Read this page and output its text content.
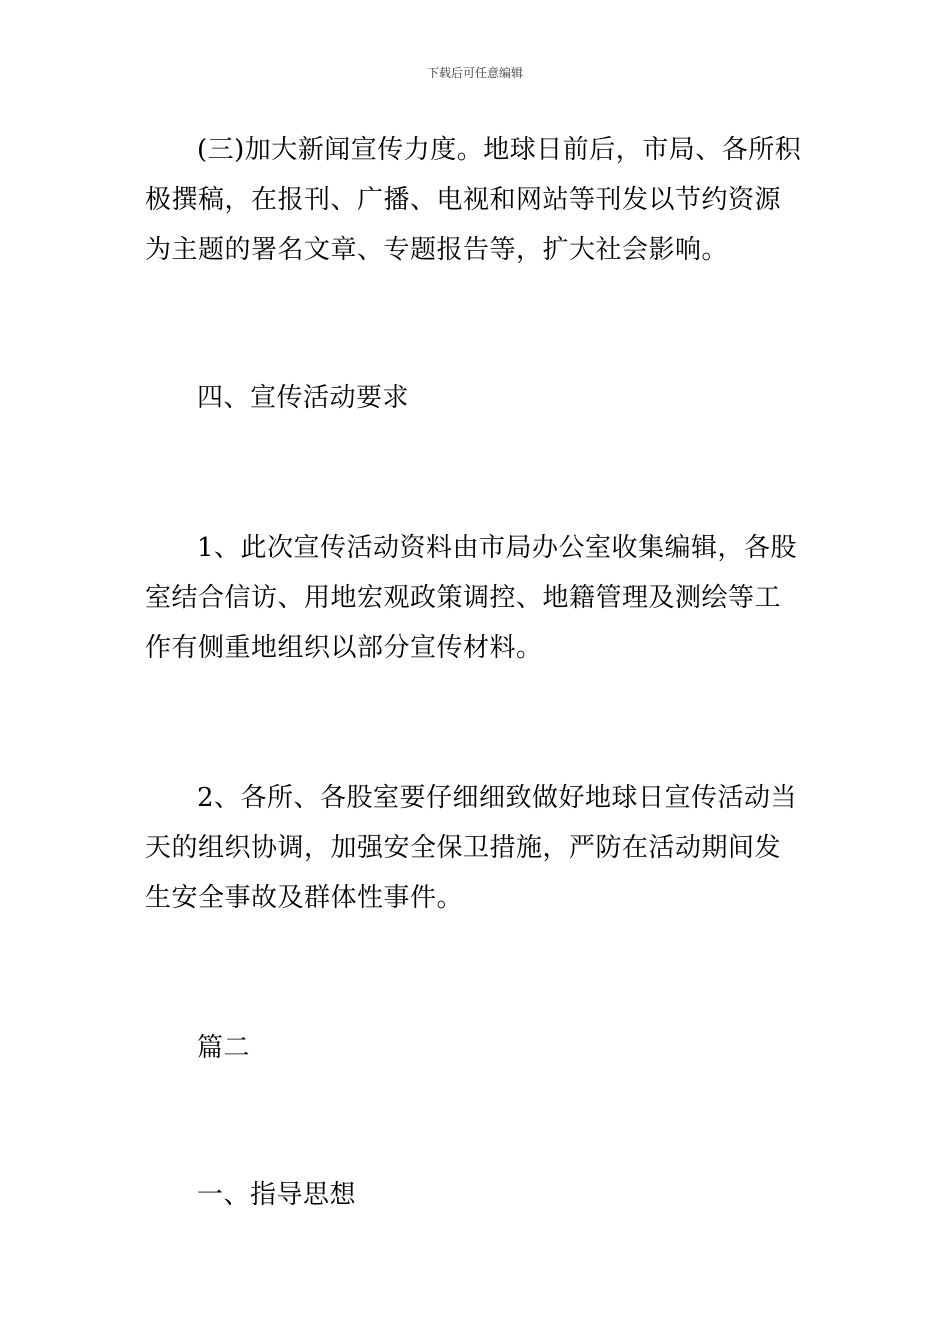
下载后可任意编辑

(三)加大新闻宣传力度。地球日前后，市局、各所积极撰稿，在报刊、广播、电视和网站等刊发以节约资源为主题的署名文章、专题报告等，扩大社会影响。

四、宣传活动要求

1、此次宣传活动资料由市局办公室收集编辑，各股室结合信访、用地宏观政策调控、地籍管理及测绘等工作有侧重地组织以部分宣传材料。

2、各所、各股室要仔细细致做好地球日宣传活动当天的组织协调，加强安全保卫措施，严防在活动期间发生安全事故及群体性事件。

篇二

一、指导思想
